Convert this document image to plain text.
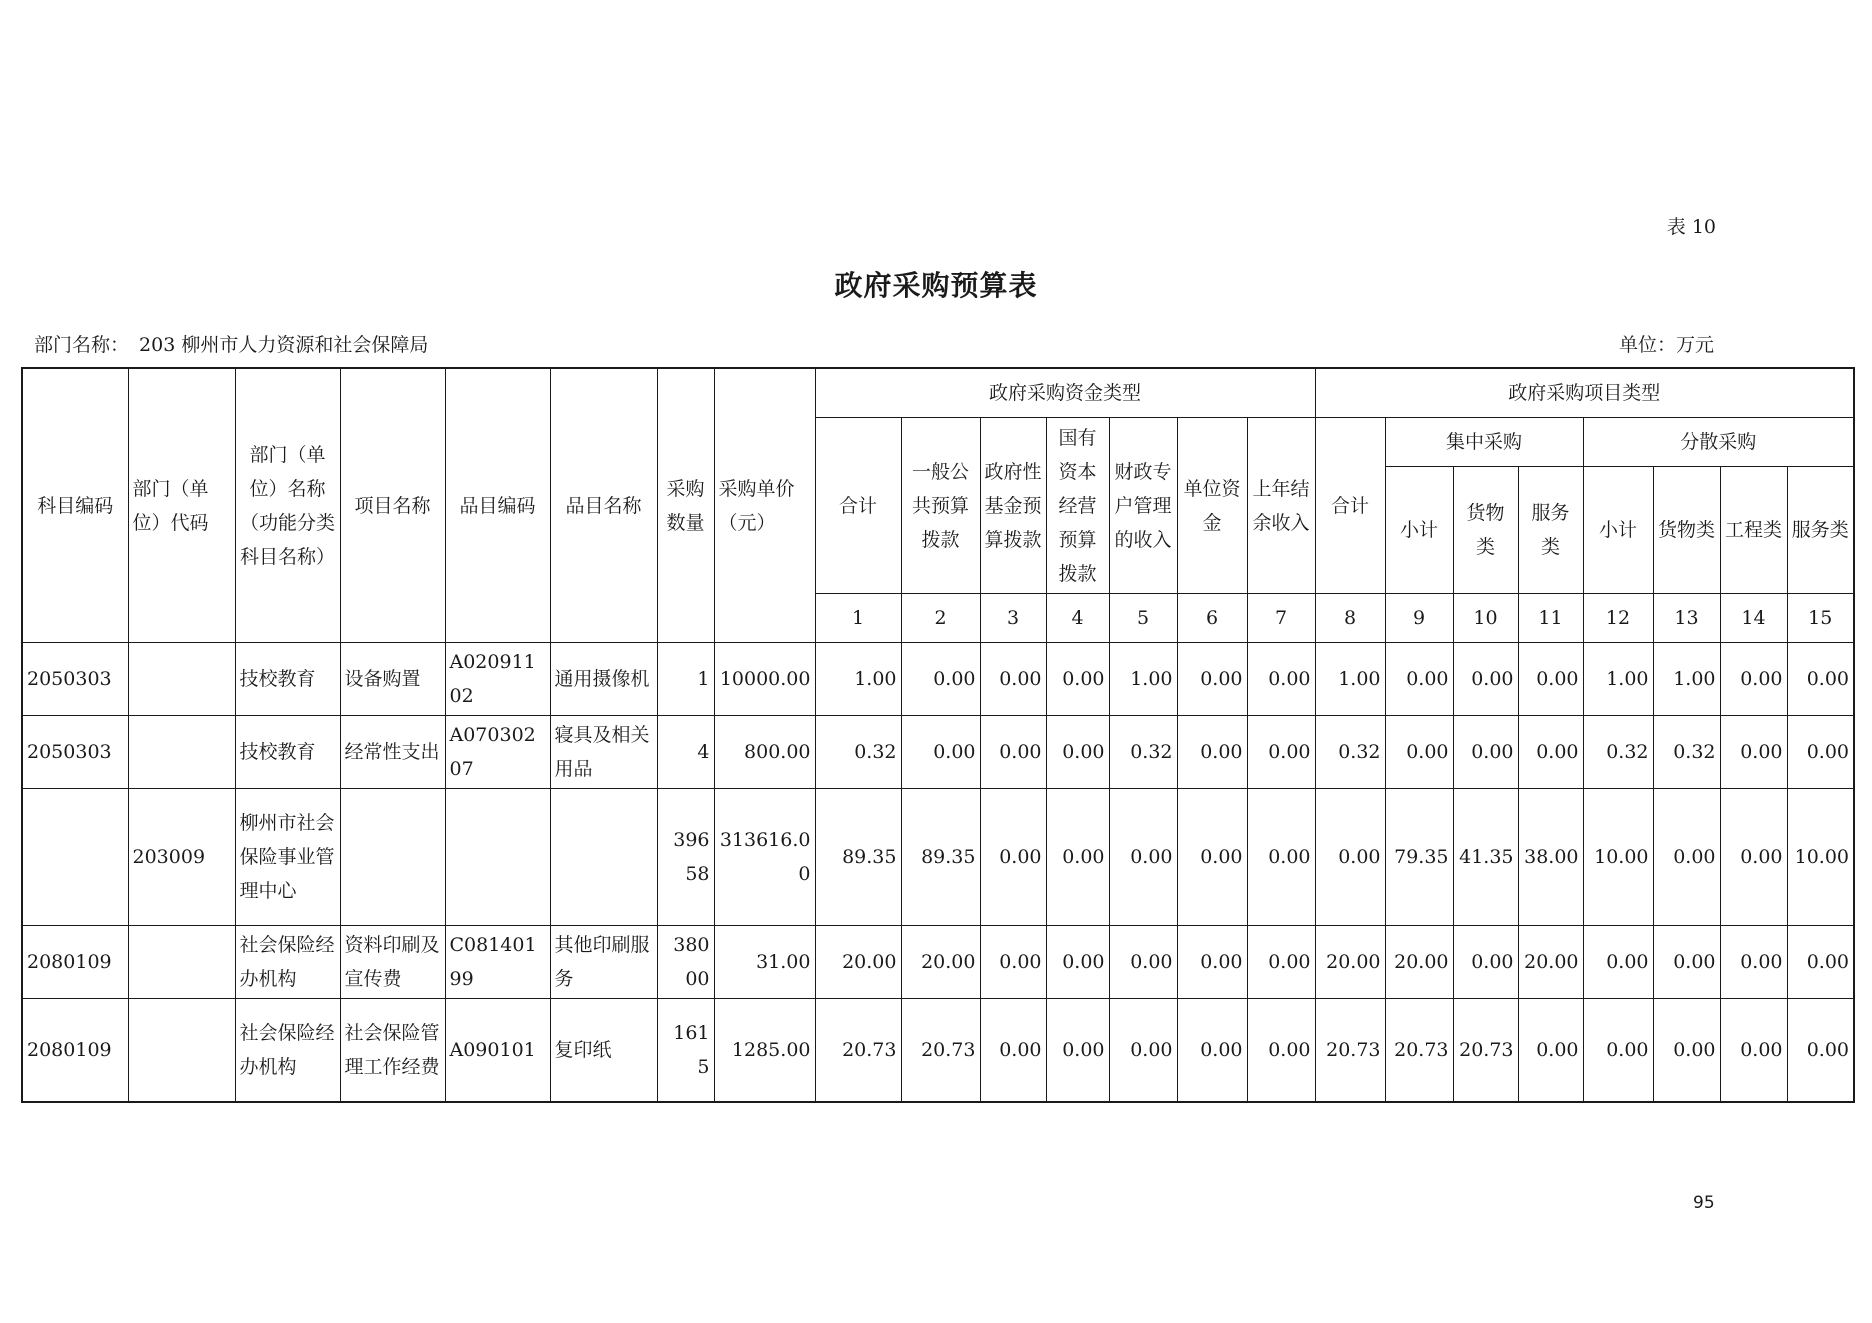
表 10
政府采购预算表
部门名称： 203 柳州市人力资源和社会保障局	单位：万元
科目编码	部门（单位）代码	部门（单位）名称（功能分类科目名称）	项目名称	品目编码	品目名称	采购数量	采购单价（元）	政府采购资金类型							政府采购项目类型							
								合计	一般公共预算拨款	政府性基金预算拨款	国有资本经营预算拨款	财政专户管理的收入	单位资金	上年结余收入	合计	集中采购			分散采购			
																小计	货物类	服务类	小计	货物类	工程类	服务类
								1	2	3	4	5	6	7	8	9	10	11	12	13	14	15
2050303		技校教育	设备购置	A02091102	通用摄像机	1	10000.00	1.00	0.00	0.00	0.00	1.00	0.00	0.00	1.00	0.00	0.00	0.00	1.00	1.00	0.00	0.00
2050303		技校教育	经常性支出	A07030207	寝具及相关用品	4	800.00	0.32	0.00	0.00	0.00	0.32	0.00	0.00	0.32	0.00	0.00	0.00	0.32	0.32	0.00	0.00
	203009	柳州市社会保险事业管理中心				39658	313616.00	89.35	89.35	0.00	0.00	0.00	0.00	0.00	0.00	79.35	41.35	38.00	10.00	0.00	0.00	10.00
2080109		社会保险经办机构	资料印刷及宣传费	C08140199	其他印刷服务	38000	31.00	20.00	20.00	0.00	0.00	0.00	0.00	0.00	20.00	20.00	0.00	20.00	0.00	0.00	0.00	0.00
2080109		社会保险经办机构	社会保险管理工作经费	A090101	复印纸	1615	1285.00	20.73	20.73	0.00	0.00	0.00	0.00	0.00	20.73	20.73	20.73	0.00	0.00	0.00	0.00	0.00
95
